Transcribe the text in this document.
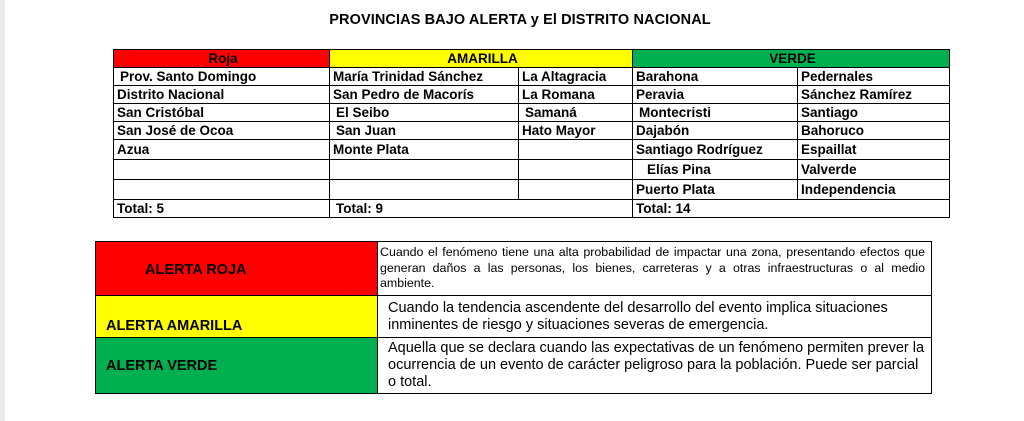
PROVINCIAS BAJO ALERTA y El DISTRITO NACIONAL
Roja	AMARILLA		VERDE	
Prov. Santo Domingo	María Trinidad Sánchez	La Altagracia	Barahona	Pedernales
Distrito Nacional	San Pedro de Macorís	La Romana	Peravia	Sánchez Ramírez
San Cristóbal	El Seibo	Samaná	Montecristi	Santiago
San José de Ocoa	San Juan	Hato Mayor	Dajabón	Bahoruco
Azua	Monte Plata		Santiago Rodríguez	Espaillat
			Elías Pina	Valverde
			Puerto Plata	Independencia
Total: 5	Total: 9		Total: 14	
ALERTA ROJA	Cuando el fenómeno tiene una alta probabilidad de impactar una zona, presentando efectos que generan daños a las personas, los bienes, carreteras y a otras infraestructuras o al medio ambiente.
ALERTA AMARILLA	Cuando la tendencia ascendente del desarrollo del evento implica situaciones inminentes de riesgo y situaciones severas de emergencia.
ALERTA VERDE	Aquella que se declara cuando las expectativas de un fenómeno permiten prever la ocurrencia de un evento de carácter peligroso para la población. Puede ser parcial o total.
